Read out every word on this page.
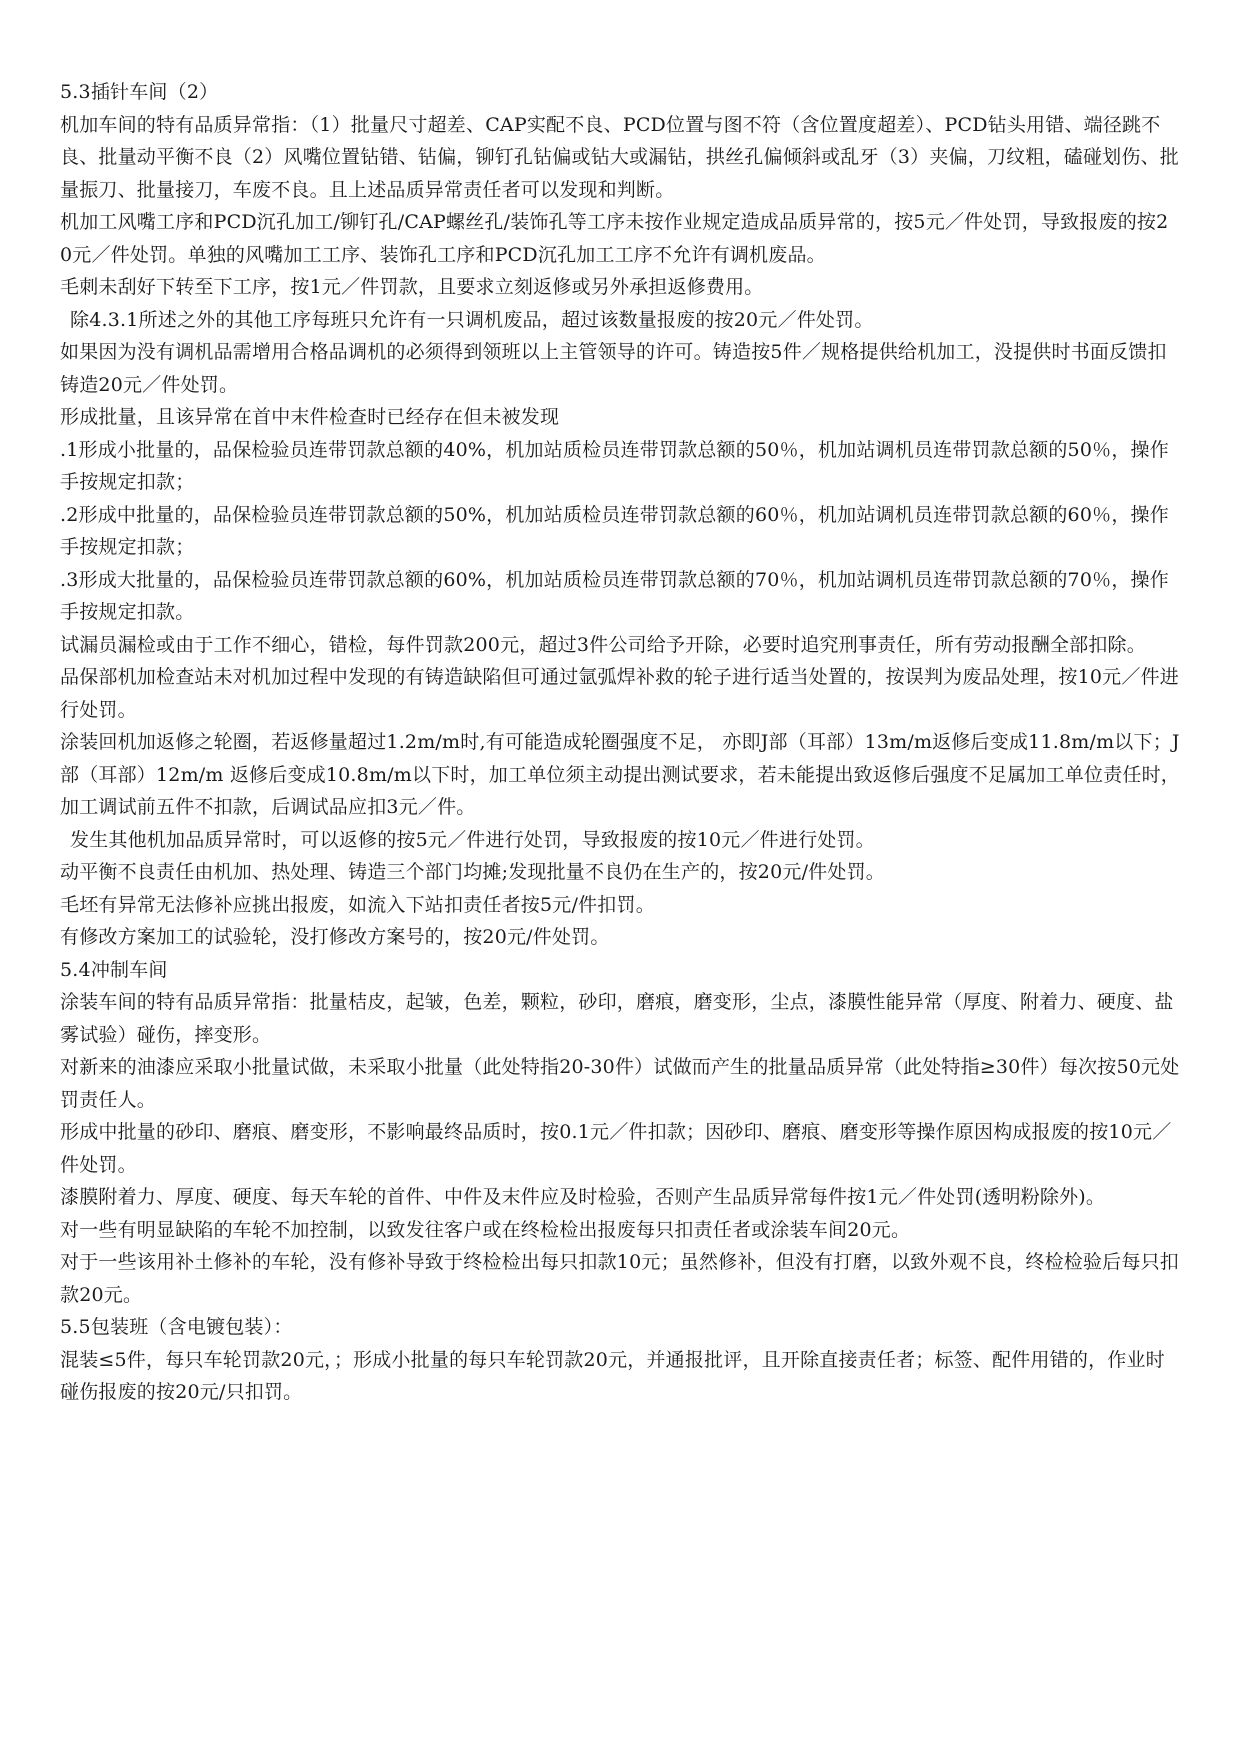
5.3插针车间（2）

机加车间的特有品质异常指：（1）批量尺寸超差、CAP实配不良、PCD位置与图不符（含位置度超差）、PCD钻头用错、端径跳不良、批量动平衡不良（2）风嘴位置钻错、钻偏，铆钉孔钻偏或钻大或漏钻，拱丝孔偏倾斜或乱牙（3）夹偏，刀纹粗，磕碰划伤、批量振刀、批量接刀，车废不良。且上述品质异常责任者可以发现和判断。

机加工风嘴工序和PCD沉孔加工/铆钉孔/CAP螺丝孔/装饰孔等工序未按作业规定造成品质异常的，按5元／件处罚，导致报废的按20元／件处罚。单独的风嘴加工工序、装饰孔工序和PCD沉孔加工工序不允许有调机废品。

毛刺未刮好下转至下工序，按1元／件罚款，且要求立刻返修或另外承担返修费用。

除4.3.1所述之外的其他工序每班只允许有一只调机废品，超过该数量报废的按20元／件处罚。

如果因为没有调机品需增用合格品调机的必须得到领班以上主管领导的许可。铸造按5件／规格提供给机加工，没提供时书面反馈扣铸造20元／件处罚。

形成批量，且该异常在首中末件检查时已经存在但未被发现

.1形成小批量的，品保检验员连带罚款总额的40%，机加站质检员连带罚款总额的50％，机加站调机员连带罚款总额的50％，操作手按规定扣款；

.2形成中批量的，品保检验员连带罚款总额的50%，机加站质检员连带罚款总额的60％，机加站调机员连带罚款总额的60％，操作手按规定扣款；

.3形成大批量的，品保检验员连带罚款总额的60%，机加站质检员连带罚款总额的70％，机加站调机员连带罚款总额的70％，操作手按规定扣款。

试漏员漏检或由于工作不细心，错检，每件罚款200元，超过3件公司给予开除，必要时追究刑事责任，所有劳动报酬全部扣除。

品保部机加检查站未对机加过程中发现的有铸造缺陷但可通过氩弧焊补救的轮子进行适当处置的，按误判为废品处理，按10元／件进行处罚。

涂装回机加返修之轮圈，若返修量超过1.2m/m时,有可能造成轮圈强度不足， 亦即J部（耳部）13m/m返修后变成11.8m/m以下；J部（耳部）12m/m 返修后变成10.8m/m以下时，加工单位须主动提出测试要求，若未能提出致返修后强度不足属加工单位责任时，加工调试前五件不扣款，后调试品应扣3元／件。

发生其他机加品质异常时，可以返修的按5元／件进行处罚，导致报废的按10元／件进行处罚。

动平衡不良责任由机加、热处理、铸造三个部门均摊;发现批量不良仍在生产的，按20元/件处罚。

毛坯有异常无法修补应挑出报废，如流入下站扣责任者按5元/件扣罚。

有修改方案加工的试验轮，没打修改方案号的，按20元/件处罚。

5.4冲制车间

涂装车间的特有品质异常指：批量桔皮，起皱，色差，颗粒，砂印，磨痕，磨变形，尘点，漆膜性能异常（厚度、附着力、硬度、盐雾试验）碰伤，摔变形。

对新来的油漆应采取小批量试做，未采取小批量（此处特指20-30件）试做而产生的批量品质异常（此处特指≥30件）每次按50元处罚责任人。

形成中批量的砂印、磨痕、磨变形，不影响最终品质时，按0.1元／件扣款；因砂印、磨痕、磨变形等操作原因构成报废的按10元／件处罚。

漆膜附着力、厚度、硬度、每天车轮的首件、中件及末件应及时检验，否则产生品质异常每件按1元／件处罚(透明粉除外)。

对一些有明显缺陷的车轮不加控制，以致发往客户或在终检检出报废每只扣责任者或涂装车间20元。

对于一些该用补土修补的车轮，没有修补导致于终检检出每只扣款10元；虽然修补，但没有打磨，以致外观不良，终检检验后每只扣款20元。

5.5包装班（含电镀包装）：

混装≤5件，每只车轮罚款20元，；形成小批量的每只车轮罚款20元，并通报批评，且开除直接责任者；标签、配件用错的，作业时碰伤报废的按20元/只扣罚。
